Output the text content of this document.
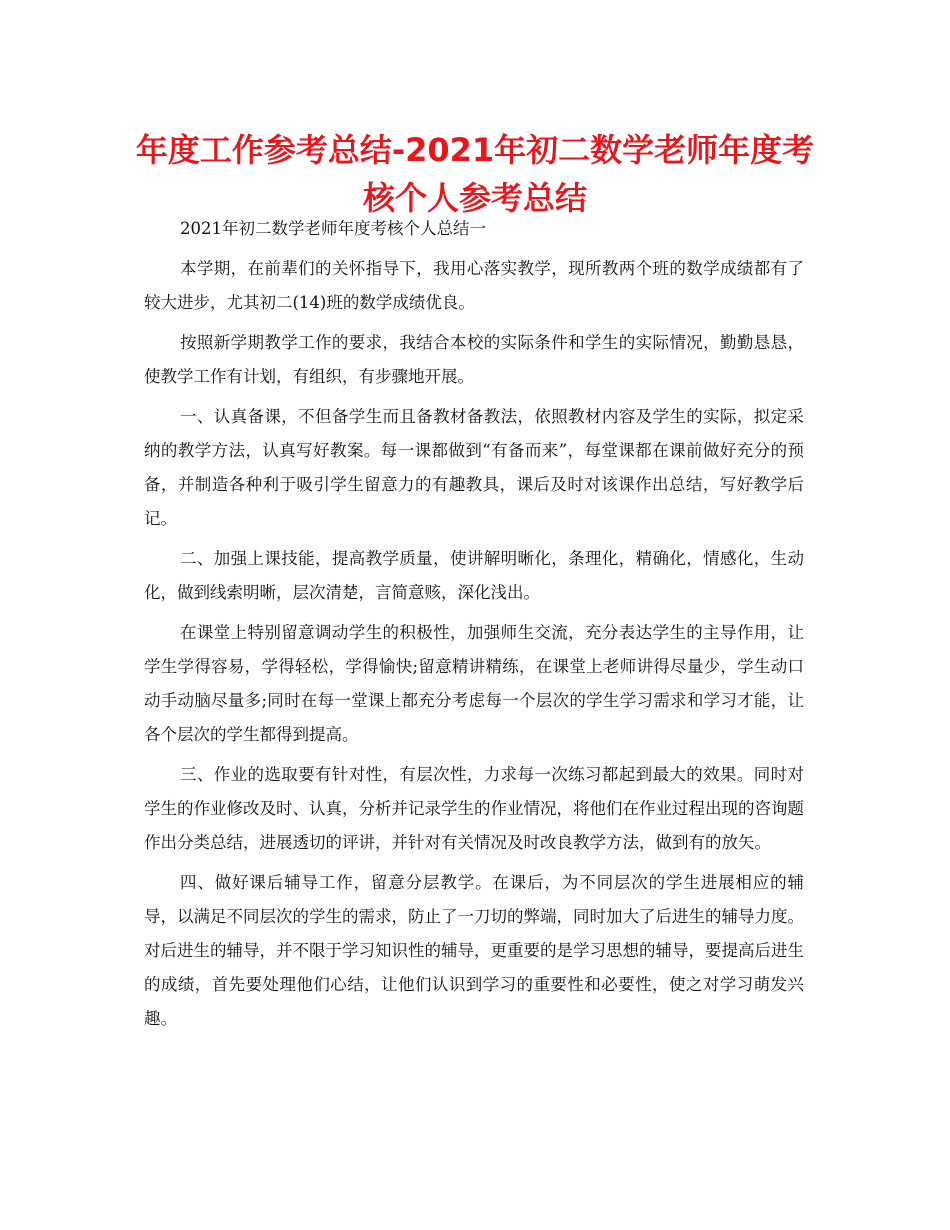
年度工作参考总结-2021年初二数学老师年度考
核个人参考总结

2021年初二数学老师年度考核个人总结一

本学期，在前辈们的关怀指导下，我用心落实教学，现所教两个班的数学成绩都有了较大进步，尤其初二(14)班的数学成绩优良。

按照新学期教学工作的要求，我结合本校的实际条件和学生的实际情况，勤勤恳恳，使教学工作有计划，有组织，有步骤地开展。

一、认真备课，不但备学生而且备教材备教法，依照教材内容及学生的实际，拟定采纳的教学方法，认真写好教案。每一课都做到“有备而来”，每堂课都在课前做好充分的预备，并制造各种利于吸引学生留意力的有趣教具，课后及时对该课作出总结，写好教学后记。

二、加强上课技能，提高教学质量，使讲解明晰化，条理化，精确化，情感化，生动化，做到线索明晰，层次清楚，言简意赅，深化浅出。

在课堂上特别留意调动学生的积极性，加强师生交流，充分表达学生的主导作用，让学生学得容易，学得轻松，学得愉快;留意精讲精练，在课堂上老师讲得尽量少，学生动口动手动脑尽量多;同时在每一堂课上都充分考虑每一个层次的学生学习需求和学习才能，让各个层次的学生都得到提高。

三、作业的选取要有针对性，有层次性，力求每一次练习都起到最大的效果。同时对学生的作业修改及时、认真，分析并记录学生的作业情况，将他们在作业过程出现的咨询题作出分类总结，进展透切的评讲，并针对有关情况及时改良教学方法，做到有的放矢。

四、做好课后辅导工作，留意分层教学。在课后，为不同层次的学生进展相应的辅导，以满足不同层次的学生的需求，防止了一刀切的弊端，同时加大了后进生的辅导力度。对后进生的辅导，并不限于学习知识性的辅导，更重要的是学习思想的辅导，要提高后进生的成绩，首先要处理他们心结，让他们认识到学习的重要性和必要性，使之对学习萌发兴趣。
